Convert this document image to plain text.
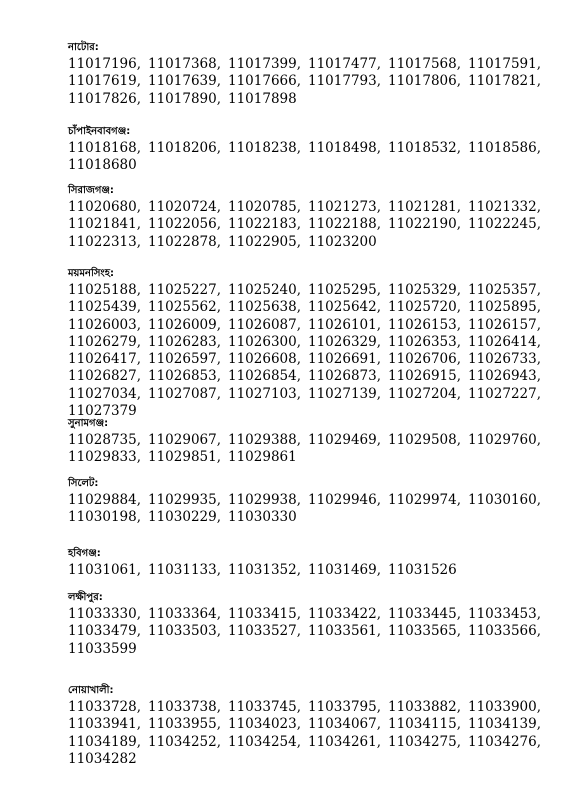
নাটোর:
11017196, 11017368, 11017399, 11017477, 11017568, 11017591,
11017619, 11017639, 11017666, 11017793, 11017806, 11017821,
11017826, 11017890, 11017898
চাঁপাইনবাবগঞ্জ:
11018168, 11018206, 11018238, 11018498, 11018532, 11018586,
11018680
সিরাজগঞ্জ:
11020680, 11020724, 11020785, 11021273, 11021281, 11021332,
11021841, 11022056, 11022183, 11022188, 11022190, 11022245,
11022313, 11022878, 11022905, 11023200
ময়মনসিংহ:
11025188, 11025227, 11025240, 11025295, 11025329, 11025357,
11025439, 11025562, 11025638, 11025642, 11025720, 11025895,
11026003, 11026009, 11026087, 11026101, 11026153, 11026157,
11026279, 11026283, 11026300, 11026329, 11026353, 11026414,
11026417, 11026597, 11026608, 11026691, 11026706, 11026733,
11026827, 11026853, 11026854, 11026873, 11026915, 11026943,
11027034, 11027087, 11027103, 11027139, 11027204, 11027227,
11027379
সুনামগঞ্জ:
11028735, 11029067, 11029388, 11029469, 11029508, 11029760,
11029833, 11029851, 11029861
সিলেট:
11029884, 11029935, 11029938, 11029946, 11029974, 11030160,
11030198, 11030229, 11030330
হবিগঞ্জ:
11031061, 11031133, 11031352, 11031469, 11031526
লক্ষীপুর:
11033330, 11033364, 11033415, 11033422, 11033445, 11033453,
11033479, 11033503, 11033527, 11033561, 11033565, 11033566,
11033599
নোয়াখালী:
11033728, 11033738, 11033745, 11033795, 11033882, 11033900,
11033941, 11033955, 11034023, 11034067, 11034115, 11034139,
11034189, 11034252, 11034254, 11034261, 11034275, 11034276,
11034282
